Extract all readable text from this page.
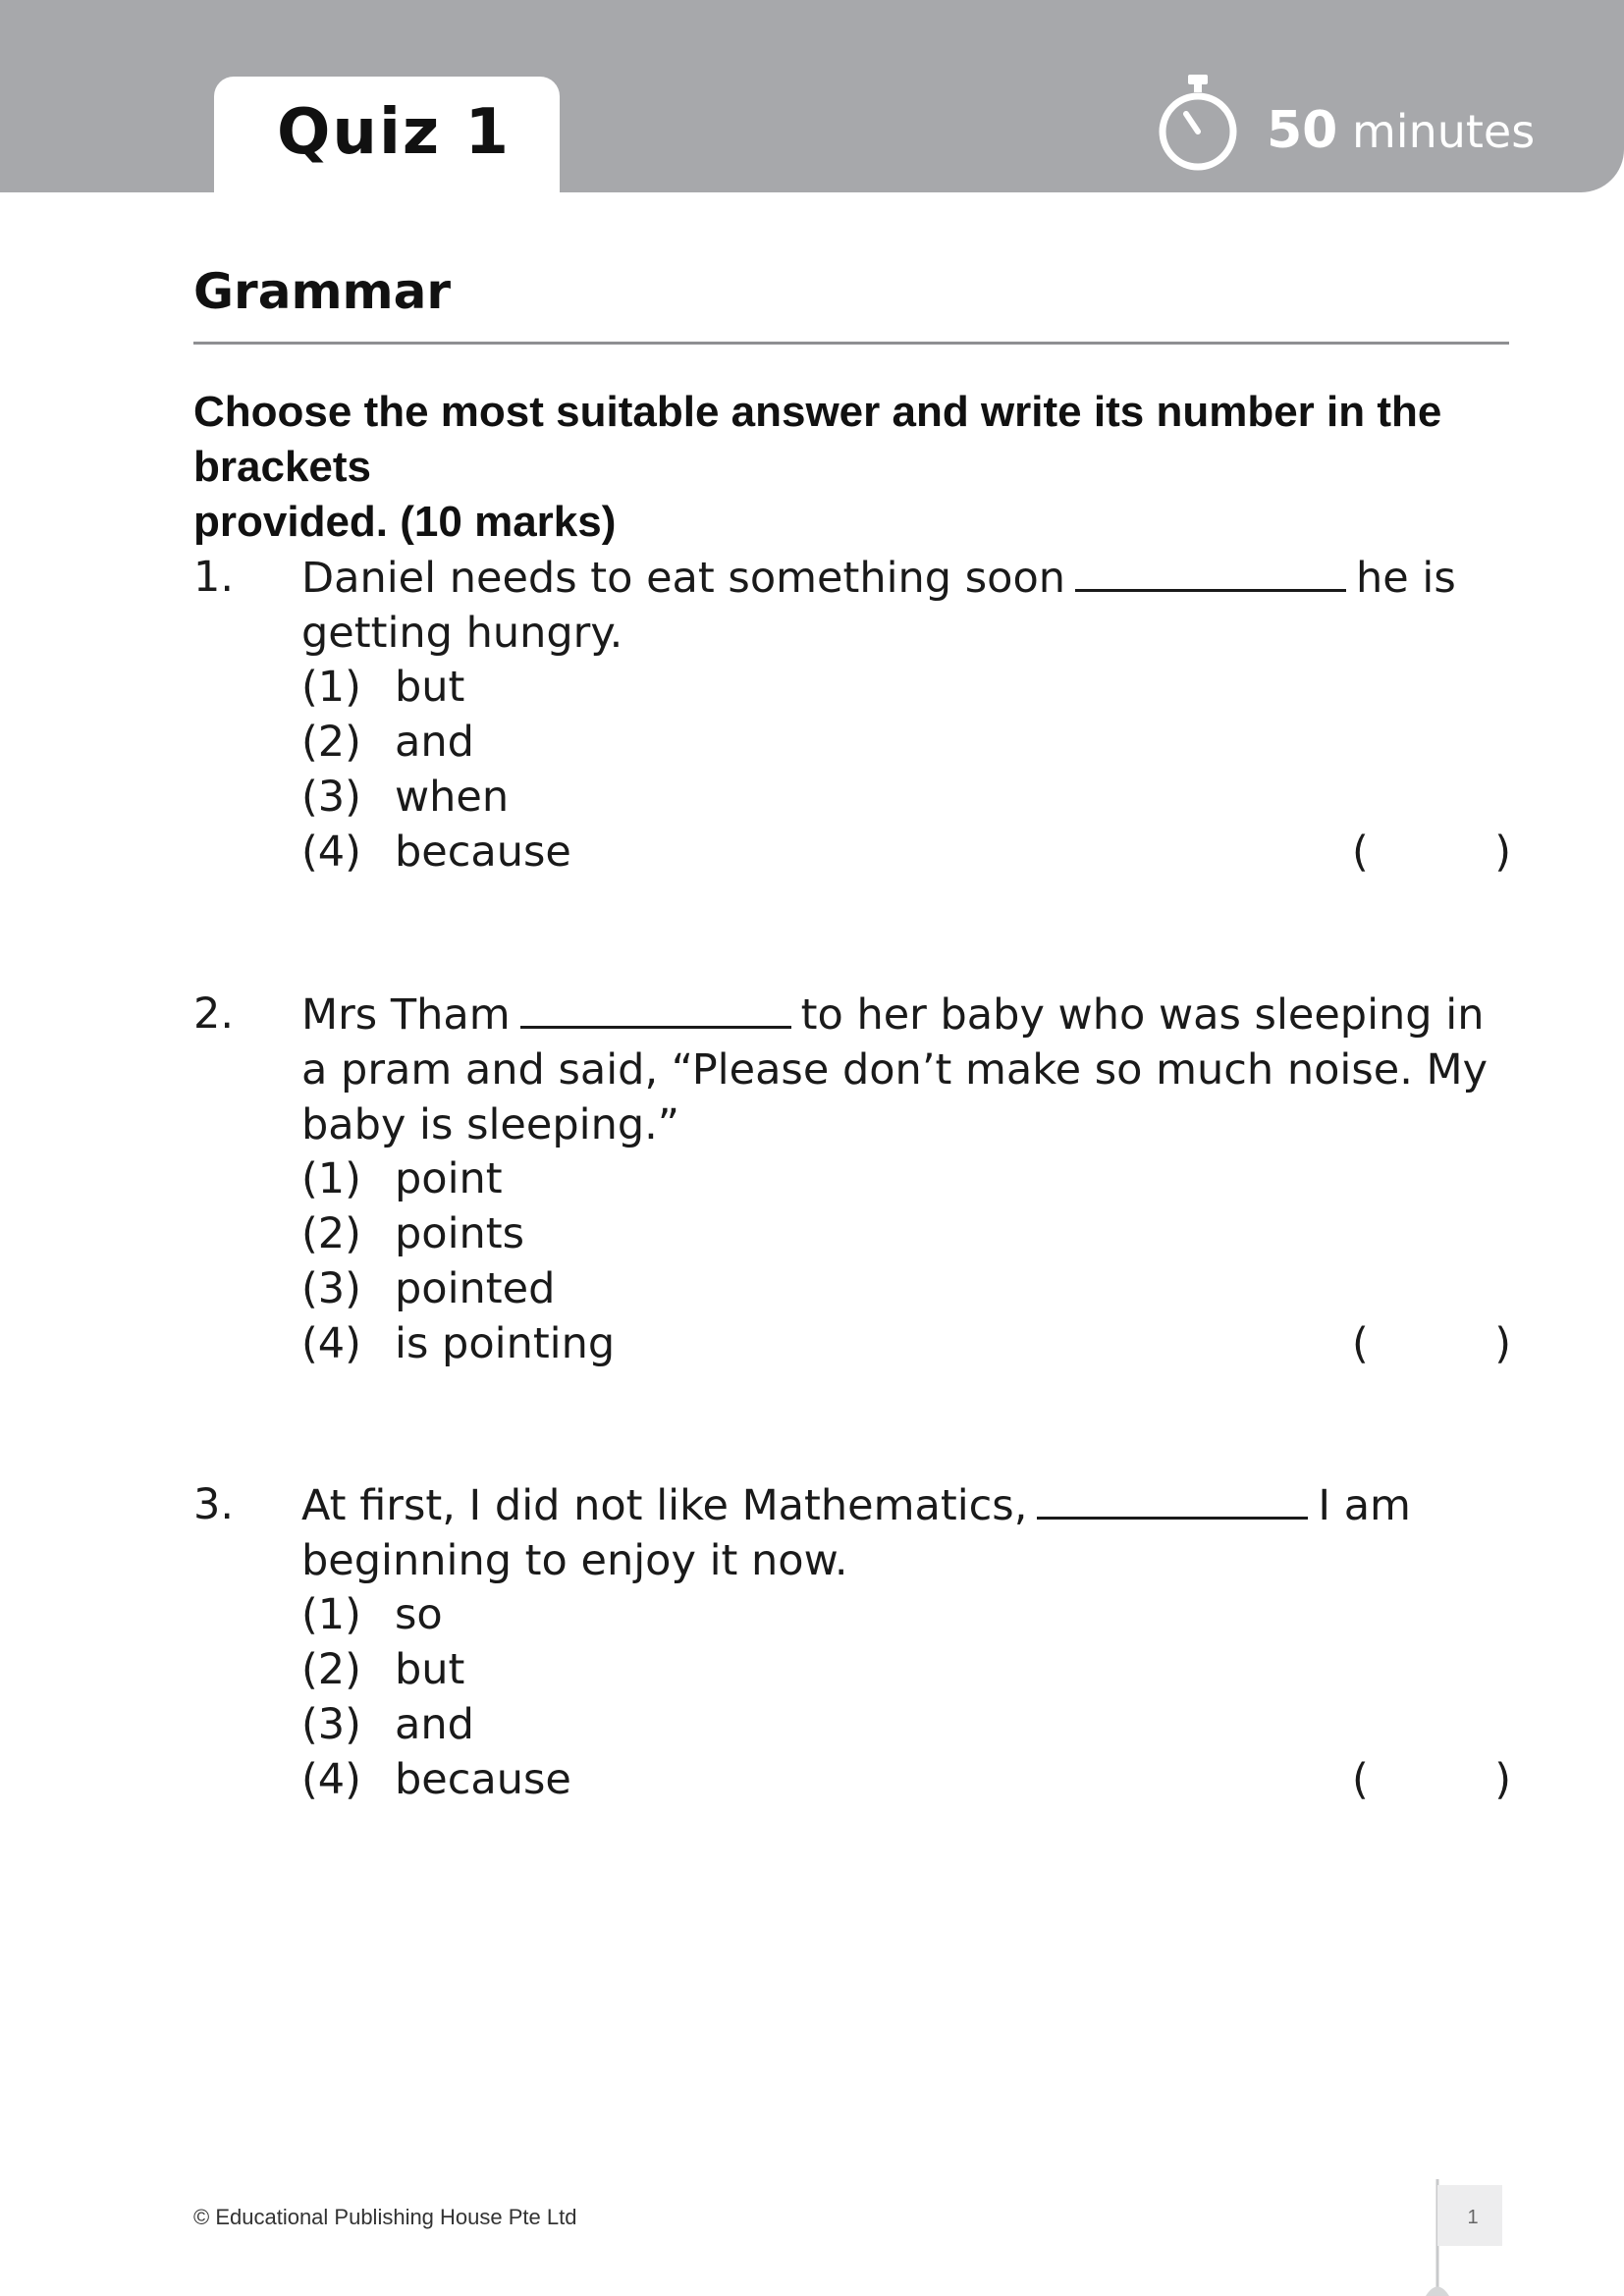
Quiz 1	50 minutes
Grammar
Choose the most suitable answer and write its number in the brackets
provided. (10 marks)
1. Daniel needs to eat something soon	he is
getting hungry.
(1) but
(2) and
(3) when
(4) because	(	)
2. Mrs Tham	to her baby who was sleeping in
a pram and said, “Please don’t make so much noise. My
baby is sleeping.”
(1) point
(2) points
(3) pointed
(4) is pointing	(	)
3. At first, I did not like Mathematics,	I am
beginning to enjoy it now.
(1) so
(2) but
(3) and
(4) because	(	)
© Educational Publishing House Pte Ltd	1
